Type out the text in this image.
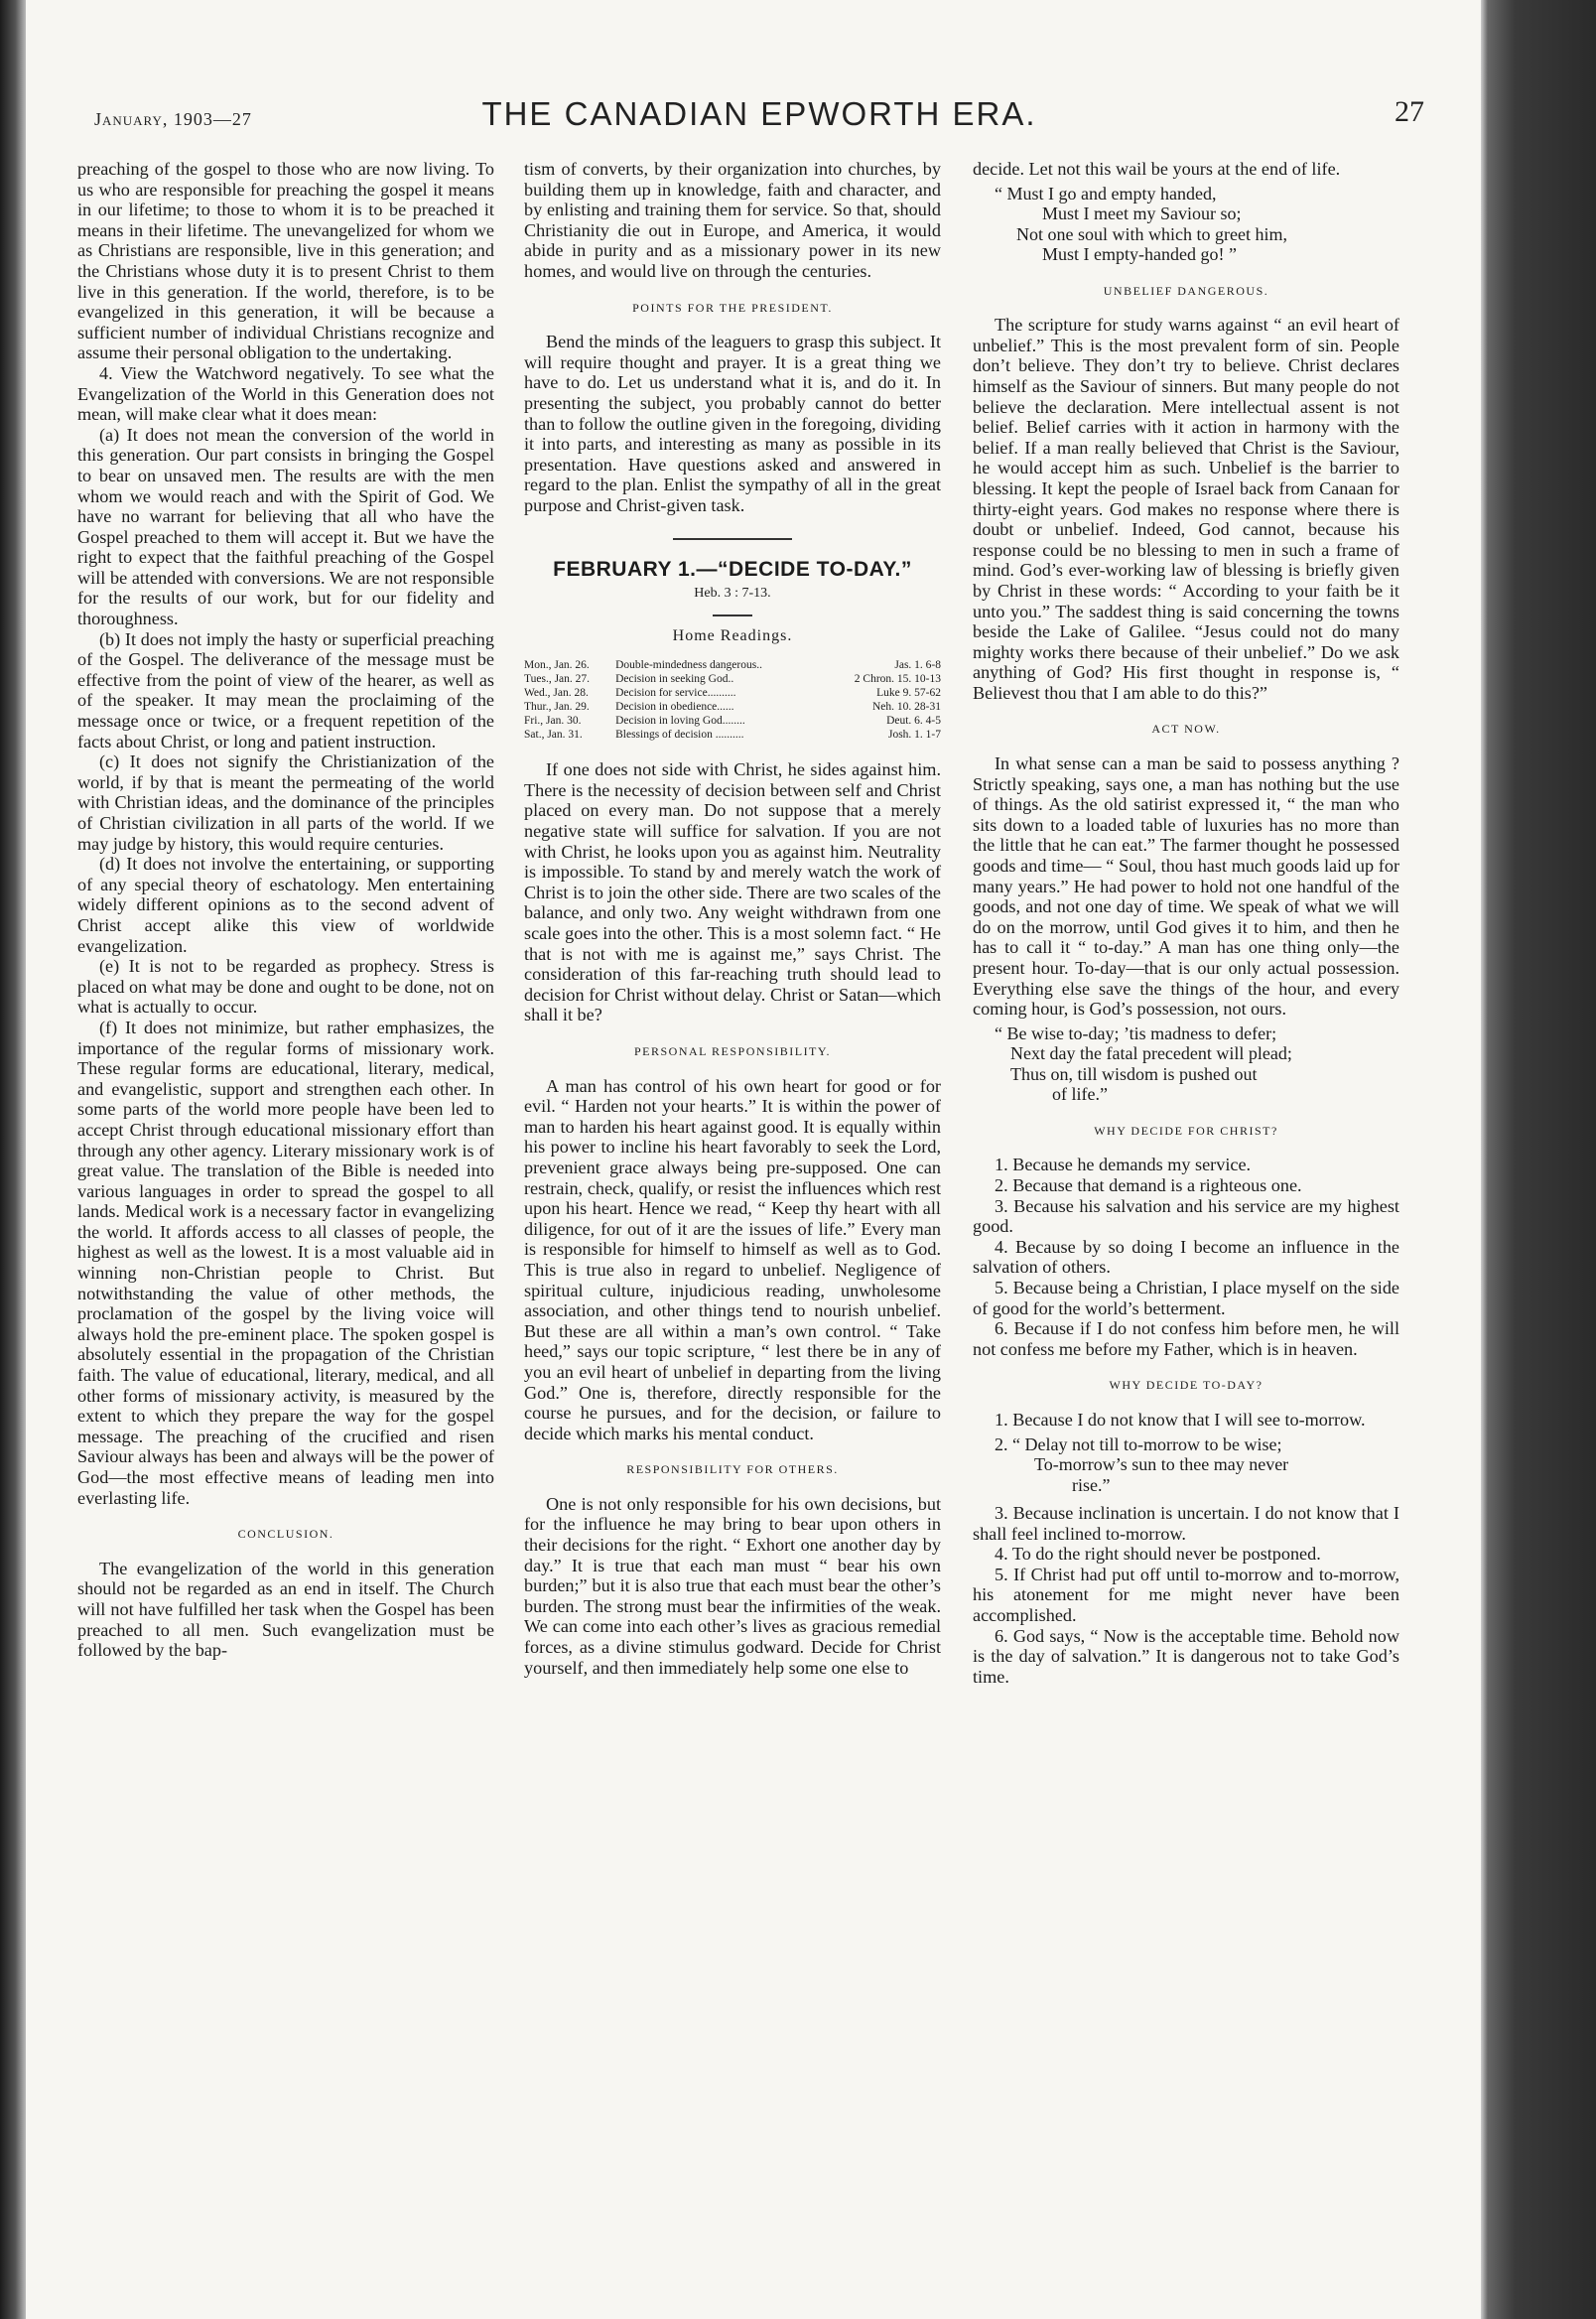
January, 1903—27	THE CANADIAN EPWORTH ERA.	27

preaching of the gospel to those who are now living. To us who are responsible for preaching the gospel it means in our lifetime; to those to whom it is to be preached it means in their lifetime. The unevangelized for whom we as Christians are responsible, live in this generation; and the Christians whose duty it is to present Christ to them live in this generation. If the world, therefore, is to be evangelized in this generation, it will be because a sufficient number of individual Christians recognize and assume their personal obligation to the undertaking.

4. View the Watchword negatively. To see what the Evangelization of the World in this Generation does not mean, will make clear what it does mean:

(a) It does not mean the conversion of the world in this generation. Our part consists in bringing the Gospel to bear on unsaved men. The results are with the men whom we would reach and with the Spirit of God. We have no warrant for believing that all who have the Gospel preached to them will accept it. But we have the right to expect that the faithful preaching of the Gospel will be attended with conversions. We are not responsible for the results of our work, but for our fidelity and thoroughness.

(b) It does not imply the hasty or superficial preaching of the Gospel. The deliverance of the message must be effective from the point of view of the hearer, as well as of the speaker. It may mean the proclaiming of the message once or twice, or a frequent repetition of the facts about Christ, or long and patient instruction.

(c) It does not signify the Christianization of the world, if by that is meant the permeating of the world with Christian ideas, and the dominance of the principles of Christian civilization in all parts of the world. If we may judge by history, this would require centuries.

(d) It does not involve the entertaining, or supporting of any special theory of eschatology. Men entertaining widely different opinions as to the second advent of Christ accept alike this view of worldwide evangelization.

(e) It is not to be regarded as prophecy. Stress is placed on what may be done and ought to be done, not on what is actually to occur.

(f) It does not minimize, but rather emphasizes, the importance of the regular forms of missionary work. These regular forms are educational, literary, medical, and evangelistic, support and strengthen each other. In some parts of the world more people have been led to accept Christ through educational missionary effort than through any other agency. Literary missionary work is of great value. The translation of the Bible is needed into various languages in order to spread the gospel to all lands. Medical work is a necessary factor in evangelizing the world. It affords access to all classes of people, the highest as well as the lowest. It is a most valuable aid in winning non-Christian people to Christ. But notwithstanding the value of other methods, the proclamation of the gospel by the living voice will always hold the pre-eminent place. The spoken gospel is absolutely essential in the propagation of the Christian faith. The value of educational, literary, medical, and all other forms of missionary activity, is measured by the extent to which they prepare the way for the gospel message. The preaching of the crucified and risen Saviour always has been and always will be the power of God—the most effective means of leading men into everlasting life.

CONCLUSION.

The evangelization of the world in this generation should not be regarded as an end in itself. The Church will not have fulfilled her task when the Gospel has been preached to all men. Such evangelization must be followed by the bap-

tism of converts, by their organization into churches, by building them up in knowledge, faith and character, and by enlisting and training them for service. So that, should Christianity die out in Europe, and America, it would abide in purity and as a missionary power in its new homes, and would live on through the centuries.

POINTS FOR THE PRESIDENT.

Bend the minds of the leaguers to grasp this subject. It will require thought and prayer. It is a great thing we have to do. Let us understand what it is, and do it. In presenting the subject, you probably cannot do better than to follow the outline given in the foregoing, dividing it into parts, and interesting as many as possible in its presentation. Have questions asked and answered in regard to the plan. Enlist the sympathy of all in the great purpose and Christ-given task.

FEBRUARY 1.—“DECIDE TO-DAY.”
Heb. 3 : 7-13.
Home Readings.
Mon., Jan. 26.	Double-mindedness dangerous..	Jas. 1. 6-8
Tues., Jan. 27.	Decision in seeking God..	2 Chron. 15. 10-13
Wed., Jan. 28.	Decision for service..........	Luke 9. 57-62
Thur., Jan. 29.	Decision in obedience......	Neh. 10. 28-31
Fri., Jan. 30.	Decision in loving God........	Deut. 6. 4-5
Sat., Jan. 31.	Blessings of decision ..........	Josh. 1. 1-7

If one does not side with Christ, he sides against him. There is the necessity of decision between self and Christ placed on every man. Do not suppose that a merely negative state will suffice for salvation. If you are not with Christ, he looks upon you as against him. Neutrality is impossible. To stand by and merely watch the work of Christ is to join the other side. There are two scales of the balance, and only two. Any weight withdrawn from one scale goes into the other. This is a most solemn fact. “ He that is not with me is against me,” says Christ. The consideration of this far-reaching truth should lead to decision for Christ without delay. Christ or Satan—which shall it be?

PERSONAL RESPONSIBILITY.

A man has control of his own heart for good or for evil. “ Harden not your hearts.” It is within the power of man to harden his heart against good. It is equally within his power to incline his heart favorably to seek the Lord, prevenient grace always being pre-supposed. One can restrain, check, qualify, or resist the influences which rest upon his heart. Hence we read, “ Keep thy heart with all diligence, for out of it are the issues of life.” Every man is responsible for himself to himself as well as to God. This is true also in regard to unbelief. Negligence of spiritual culture, injudicious reading, unwholesome association, and other things tend to nourish unbelief. But these are all within a man’s own control. “ Take heed,” says our topic scripture, “ lest there be in any of you an evil heart of unbelief in departing from the living God.” One is, therefore, directly responsible for the course he pursues, and for the decision, or failure to decide which marks his mental conduct.

RESPONSIBILITY FOR OTHERS.

One is not only responsible for his own decisions, but for the influence he may bring to bear upon others in their decisions for the right. “ Exhort one another day by day.” It is true that each man must “ bear his own burden;” but it is also true that each must bear the other’s burden. The strong must bear the infirmities of the weak. We can come into each other’s lives as gracious remedial forces, as a divine stimulus godward. Decide for Christ yourself, and then immediately help some one else to

decide. Let not this wail be yours at the end of life.

“ Must I go and empty handed,
Must I meet my Saviour so;
Not one soul with which to greet him,
Must I empty-handed go! ”
UNBELIEF DANGEROUS.

The scripture for study warns against “ an evil heart of unbelief.” This is the most prevalent form of sin. People don’t believe. They don’t try to believe. Christ declares himself as the Saviour of sinners. But many people do not believe the declaration. Mere intellectual assent is not belief. Belief carries with it action in harmony with the belief. If a man really believed that Christ is the Saviour, he would accept him as such. Unbelief is the barrier to blessing. It kept the people of Israel back from Canaan for thirty-eight years. God makes no response where there is doubt or unbelief. Indeed, God cannot, because his response could be no blessing to men in such a frame of mind. God’s ever-working law of blessing is briefly given by Christ in these words: “ According to your faith be it unto you.” The saddest thing is said concerning the towns beside the Lake of Galilee. “Jesus could not do many mighty works there because of their unbelief.” Do we ask anything of God? His first thought in response is, “ Believest thou that I am able to do this?”

ACT NOW.

In what sense can a man be said to possess anything ? Strictly speaking, says one, a man has nothing but the use of things. As the old satirist expressed it, “ the man who sits down to a loaded table of luxuries has no more than the little that he can eat.” The farmer thought he possessed goods and time— “ Soul, thou hast much goods laid up for many years.” He had power to hold not one handful of the goods, and not one day of time. We speak of what we will do on the morrow, until God gives it to him, and then he has to call it “ to-day.” A man has one thing only—the present hour. To-day—that is our only actual possession. Everything else save the things of the hour, and every coming hour, is God’s possession, not ours.

“ Be wise to-day; ’tis madness to defer;
Next day the fatal precedent will plead;
Thus on, till wisdom is pushed out
of life.”
WHY DECIDE FOR CHRIST?

1. Because he demands my service.

2. Because that demand is a righteous one.

3. Because his salvation and his service are my highest good.

4. Because by so doing I become an influence in the salvation of others.

5. Because being a Christian, I place myself on the side of good for the world’s betterment.

6. Because if I do not confess him before men, he will not confess me before my Father, which is in heaven.

WHY DECIDE TO-DAY?

1. Because I do not know that I will see to-morrow.

2. “ Delay not till to-morrow to be wise;
To-morrow’s sun to thee may never
rise.”

3. Because inclination is uncertain. I do not know that I shall feel inclined to-morrow.

4. To do the right should never be postponed.

5. If Christ had put off until to-morrow and to-morrow, his atonement for me might never have been accomplished.

6. God says, “ Now is the acceptable time. Behold now is the day of salvation.” It is dangerous not to take God’s time.
